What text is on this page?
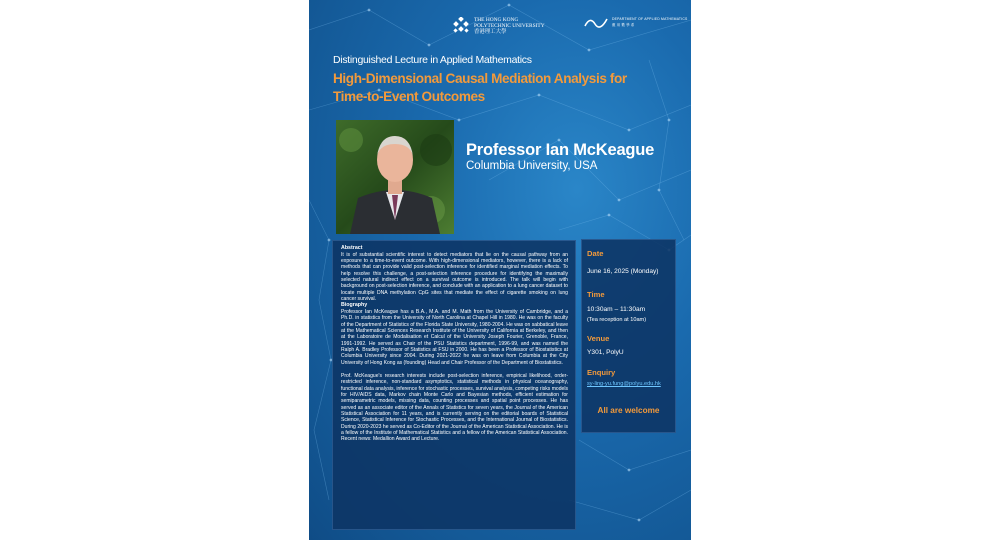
THE HONG KONG
POLYTECHNIC UNIVERSITY
香港理工大學
DEPARTMENT OF APPLIED MATHEMATICS
應 用 數 學 系
Distinguished Lecture in Applied Mathematics
High-Dimensional Causal Mediation Analysis for
Time-to-Event Outcomes
Professor Ian McKeague
Columbia University, USA
Abstract

It is of substantial scientific interest to detect mediators that lie on the causal pathway from an exposure to a time-to-event outcome. With high-dimensional mediators, however, there is a lack of methods that can provide valid post-selection inference for identified marginal mediation effects. To help resolve this challenge, a post-selection inference procedure for identifying the maximally selected natural indirect effect on a survival outcome is introduced. The talk will begin with background on post-selection inference, and conclude with an application to a lung cancer dataset to locate multiple DNA methylation CpG sites that mediate the effect of cigarette smoking on lung cancer survival.

Biography

Professor Ian McKeague has a B.A., M.A. and M. Math from the University of Cambridge, and a Ph.D. in statistics from the University of North Carolina at Chapel Hill in 1980. He was on the faculty of the Department of Statistics of the Florida State University, 1980-2004. He was on sabbatical leave at the Mathematical Sciences Research Institute of the University of California at Berkeley, and then at the Laboratoire de Modalisation et Calcul of the University Joseph Fourier, Grenoble, France, 1991-1992. He served as Chair of the PSU Statistics department, 1996-99, and was named the Ralph A. Bradley Professor of Statistics at FSU in 2000. He has been a Professor of Biostatistics at Columbia University since 2004. During 2021-2022 he was on leave from Columbia at the City University of Hong Kong as (founding) Head and Chair Professor of the Department of Biostatistics.

Prof. McKeague's research interests include post-selection inference, empirical likelihood, order-restricted inference, non-standard asymptotics, statistical methods in physical oceanography, functional data analysis, inference for stochastic processes, survival analysis, competing risks models for HIV/AIDS data, Markov chain Monte Carlo and Bayesian methods, efficient estimation for semiparametric models, missing data, counting processes and spatial point processes. He has served as an associate editor of the Annals of Statistics for seven years, the Journal of the American Statistical Association for 11 years, and is currently serving on the editorial boards of Statistical Science, Statistical Inference for Stochastic Processes, and the International Journal of Biostatistics. During 2020-2023 he served as Co-Editor of the Journal of the American Statistical Association. He is a fellow of the Institute of Mathematical Statistics and a fellow of the American Statistical Association. Recent news: Medallion Award and Lecture.

Date
June 16, 2025 (Monday)
Time
10:30am – 11:30am
(Tea reception at 10am)
Venue
Y301, PolyU
Enquiry
sy-ling-yu.fung@polyu.edu.hk
All are welcome
